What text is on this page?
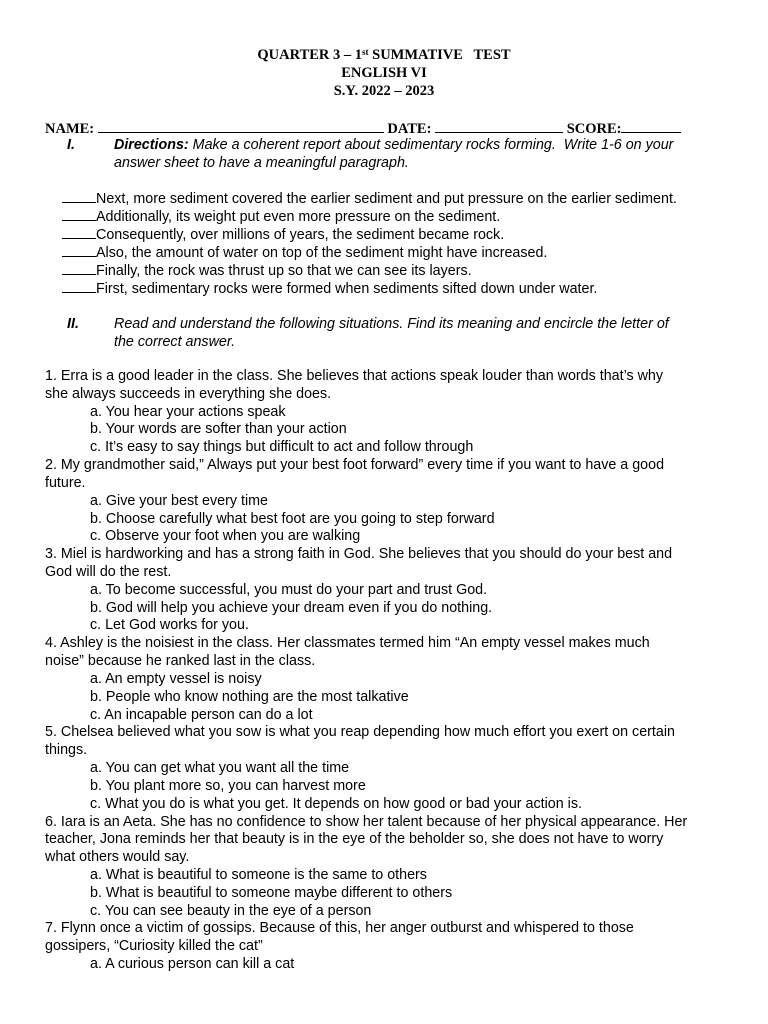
QUARTER 3 – 1st SUMMATIVE   TEST
ENGLISH VI
S.Y. 2022 – 2023
NAME:	DATE:	SCORE:
I.	Directions: Make a coherent report about sedimentary rocks forming.  Write 1-6 on your
answer sheet to have a meaningful paragraph.
Next, more sediment covered the earlier sediment and put pressure on the earlier sediment.
Additionally, its weight put even more pressure on the sediment.
Consequently, over millions of years, the sediment became rock.
Also, the amount of water on top of the sediment might have increased.
Finally, the rock was thrust up so that we can see its layers.
First, sedimentary rocks were formed when sediments sifted down under water.
II. Read and understand the following situations. Find its meaning and encircle the letter of
the correct answer.
1. Erra is a good leader in the class. She believes that actions speak louder than words that’s why
she always succeeds in everything she does.
a. You hear your actions speak
b. Your words are softer than your action
c. It’s easy to say things but difficult to act and follow through
2. My grandmother said,” Always put your best foot forward” every time if you want to have a good
future.
a. Give your best every time
b. Choose carefully what best foot are you going to step forward
c. Observe your foot when you are walking
3. Miel is hardworking and has a strong faith in God. She believes that you should do your best and
God will do the rest.
a. To become successful, you must do your part and trust God.
b. God will help you achieve your dream even if you do nothing.
c. Let God works for you.
4. Ashley is the noisiest in the class. Her classmates termed him “An empty vessel makes much
noise” because he ranked last in the class.
a. An empty vessel is noisy
b. People who know nothing are the most talkative
c. An incapable person can do a lot
5. Chelsea believed what you sow is what you reap depending how much effort you exert on certain
things.
a. You can get what you want all the time
b. You plant more so, you can harvest more
c. What you do is what you get. It depends on how good or bad your action is.
6. Iara is an Aeta. She has no confidence to show her talent because of her physical appearance. Her
teacher, Jona reminds her that beauty is in the eye of the beholder so, she does not have to worry
what others would say.
a. What is beautiful to someone is the same to others
b. What is beautiful to someone maybe different to others
c. You can see beauty in the eye of a person
7. Flynn once a victim of gossips. Because of this, her anger outburst and whispered to those
gossipers, “Curiosity killed the cat”
a. A curious person can kill a cat
